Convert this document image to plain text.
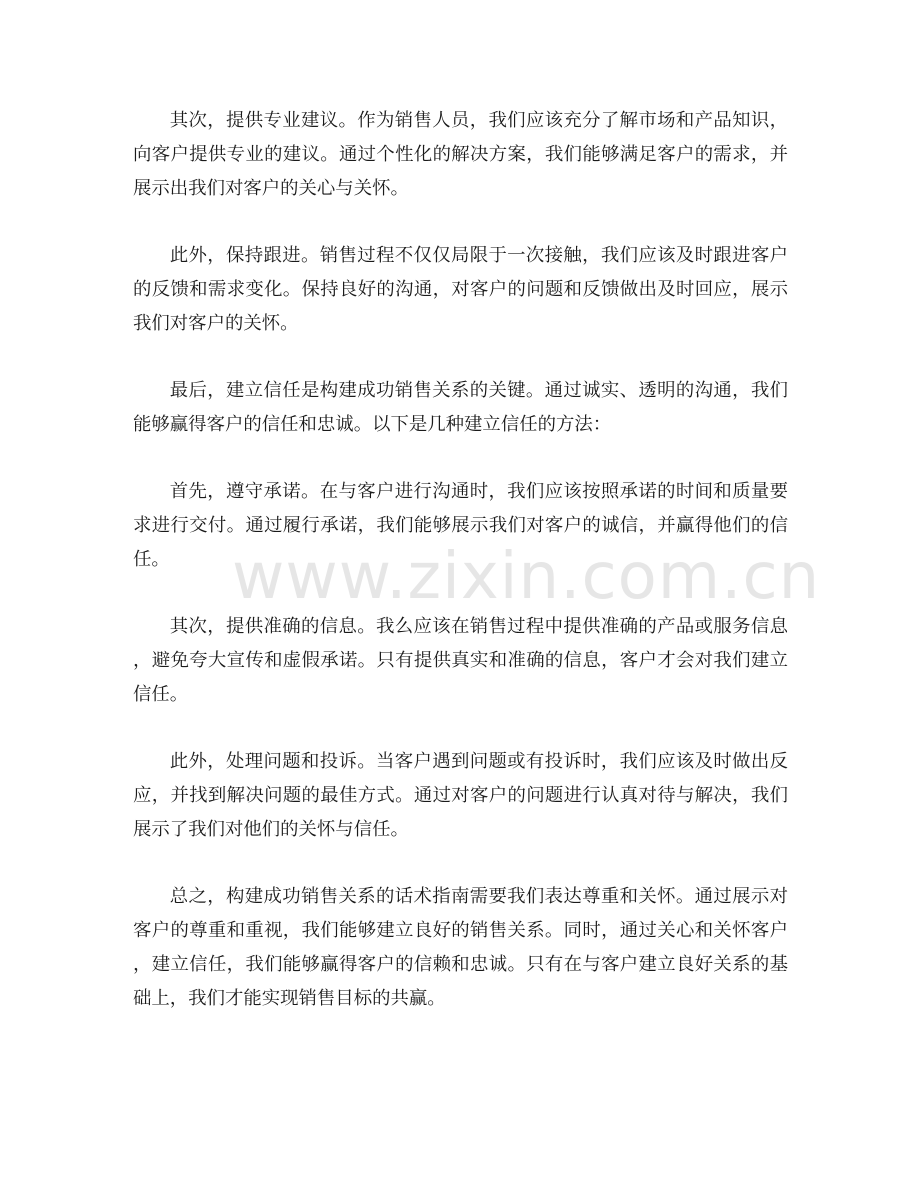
其次，提供专业建议。作为销售人员，我们应该充分了解市场和产品知识，向客户提供专业的建议。通过个性化的解决方案，我们能够满足客户的需求，并展示出我们对客户的关心与关怀。

此外，保持跟进。销售过程不仅仅局限于一次接触，我们应该及时跟进客户的反馈和需求变化。保持良好的沟通，对客户的问题和反馈做出及时回应，展示我们对客户的关怀。

最后，建立信任是构建成功销售关系的关键。通过诚实、透明的沟通，我们能够赢得客户的信任和忠诚。以下是几种建立信任的方法：

首先，遵守承诺。在与客户进行沟通时，我们应该按照承诺的时间和质量要求进行交付。通过履行承诺，我们能够展示我们对客户的诚信，并赢得他们的信任。

其次，提供准确的信息。我么应该在销售过程中提供准确的产品或服务信息，避免夸大宣传和虚假承诺。只有提供真实和准确的信息，客户才会对我们建立信任。

此外，处理问题和投诉。当客户遇到问题或有投诉时，我们应该及时做出反应，并找到解决问题的最佳方式。通过对客户的问题进行认真对待与解决，我们展示了我们对他们的关怀与信任。

总之，构建成功销售关系的话术指南需要我们表达尊重和关怀。通过展示对客户的尊重和重视，我们能够建立良好的销售关系。同时，通过关心和关怀客户，建立信任，我们能够赢得客户的信赖和忠诚。只有在与客户建立良好关系的基础上，我们才能实现销售目标的共赢。

www.zixin.com.cn
